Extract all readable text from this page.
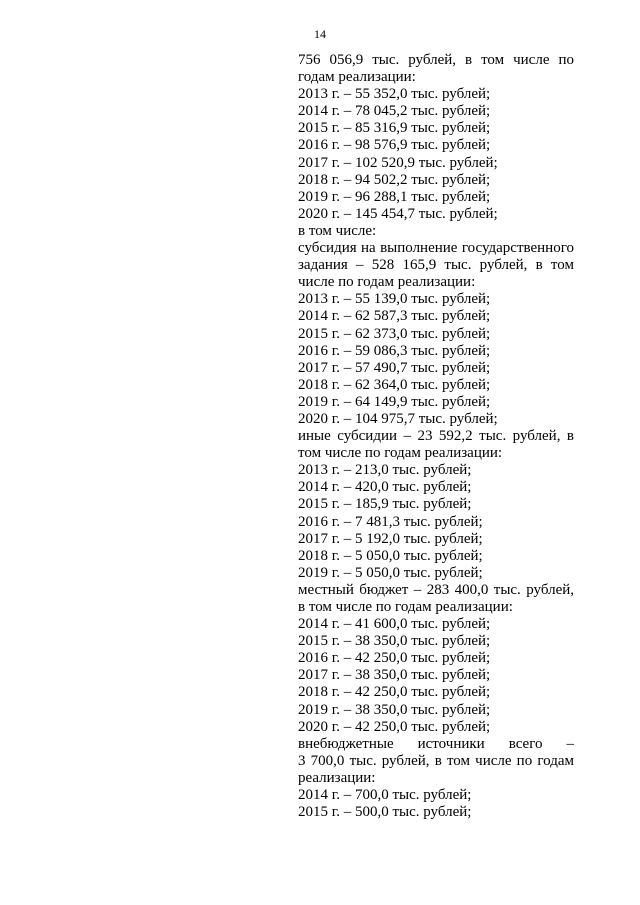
14

756 056,9 тыс. рублей, в том числе по годам реализации:

2013 г. – 55 352,0 тыс. рублей;

2014 г. – 78 045,2 тыс. рублей;

2015 г. – 85 316,9 тыс. рублей;

2016 г. – 98 576,9 тыс. рублей;

2017 г. – 102 520,9 тыс. рублей;

2018 г. – 94 502,2 тыс. рублей;

2019 г. – 96 288,1 тыс. рублей;

2020 г. – 145 454,7 тыс. рублей;

в том числе:

субсидия на выполнение государственного задания – 528 165,9 тыс. рублей, в том числе по годам реализации:

2013 г. – 55 139,0 тыс. рублей;

2014 г. – 62 587,3 тыс. рублей;

2015 г. – 62 373,0 тыс. рублей;

2016 г. – 59 086,3 тыс. рублей;

2017 г. – 57 490,7 тыс. рублей;

2018 г. – 62 364,0 тыс. рублей;

2019 г. – 64 149,9 тыс. рублей;

2020 г. – 104 975,7 тыс. рублей;

иные субсидии – 23 592,2 тыс. рублей, в том числе по годам реализации:

2013 г. – 213,0 тыс. рублей;

2014 г. – 420,0 тыс. рублей;

2015 г. – 185,9 тыс. рублей;

2016 г. – 7 481,3 тыс. рублей;

2017 г. – 5 192,0 тыс. рублей;

2018 г. – 5 050,0 тыс. рублей;

2019 г. – 5 050,0 тыс. рублей;

местный бюджет – 283 400,0 тыс. рублей, в том числе по годам реализации:

2014 г. – 41 600,0 тыс. рублей;

2015 г. – 38 350,0 тыс. рублей;

2016 г. – 42 250,0 тыс. рублей;

2017 г. – 38 350,0 тыс. рублей;

2018 г. – 42 250,0 тыс. рублей;

2019 г. – 38 350,0 тыс. рублей;

2020 г. – 42 250,0 тыс. рублей;

внебюджетные источники всего –

3 700,0 тыс. рублей, в том числе по годам реализации:

2014 г. – 700,0 тыс. рублей;

2015 г. – 500,0 тыс. рублей;
